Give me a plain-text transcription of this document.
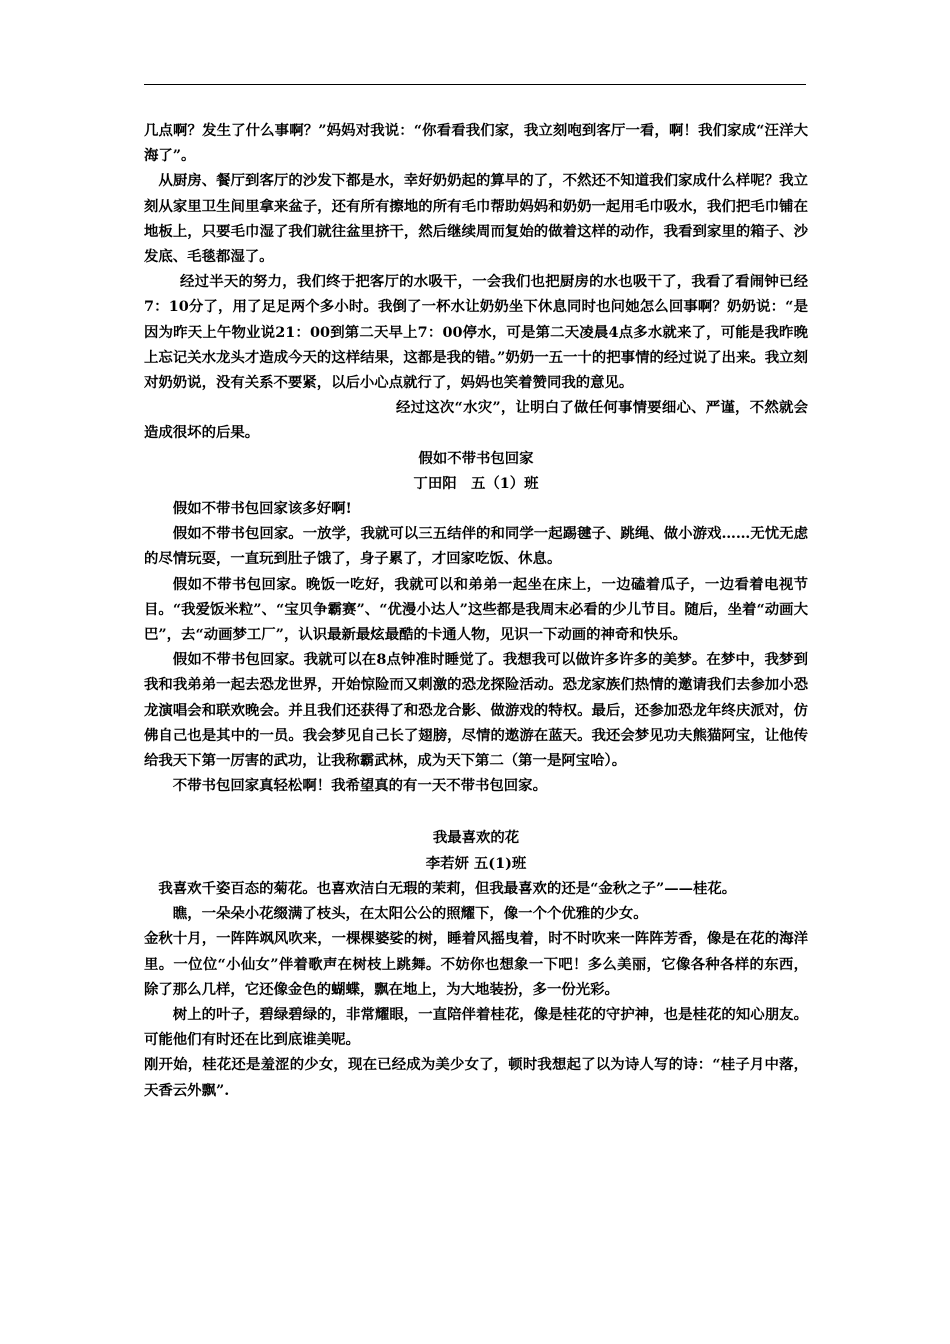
几点啊？发生了什么事啊？”妈妈对我说：“你看看我们家，我立刻咆到客厅一看，啊！我们家成“汪洋大海了”。

从厨房、餐厅到客厅的沙发下都是水，幸好奶奶起的算早的了，不然还不知道我们家成什么样呢？我立刻从家里卫生间里拿来盆子，还有所有擦地的所有毛巾帮助妈妈和奶奶一起用毛巾吸水，我们把毛巾铺在地板上，只要毛巾湿了我们就往盆里挤干，然后继续周而复始的做着这样的动作，我看到家里的箱子、沙发底、毛毯都湿了。

经过半天的努力，我们终于把客厅的水吸干，一会我们也把厨房的水也吸干了，我看了看闹钟已经7：10分了，用了足足两个多小时。我倒了一杯水让奶奶坐下休息同时也问她怎么回事啊？奶奶说：“是因为昨天上午物业说21：00到第二天早上7：00停水，可是第二天凌晨4点多水就来了，可能是我昨晚上忘记关水龙头才造成今天的这样结果，这都是我的错。”奶奶一五一十的把事情的经过说了出来。我立刻对奶奶说，没有关系不要紧，以后小心点就行了，妈妈也笑着赞同我的意见。

经过这次“水灾”，让明白了做任何事情要细心、严谨，不然就会造成很坏的后果。

假如不带书包回家

丁田阳　五（1）班

假如不带书包回家该多好啊!

假如不带书包回家。一放学，我就可以三五结伴的和同学一起踢毽子、跳绳、做小游戏……无忧无虑的尽情玩耍，一直玩到肚子饿了，身子累了，才回家吃饭、休息。

假如不带书包回家。晚饭一吃好，我就可以和弟弟一起坐在床上，一边磕着瓜子，一边看着电视节目。“我爱饭米粒”、“宝贝争霸赛”、“优漫小达人”这些都是我周末必看的少儿节目。随后，坐着“动画大巴”，去“动画梦工厂”，认识最新最炫最酷的卡通人物，见识一下动画的神奇和快乐。

假如不带书包回家。我就可以在8点钟准时睡觉了。我想我可以做许多许多的美梦。在梦中，我梦到我和我弟弟一起去恐龙世界，开始惊险而又刺激的恐龙探险活动。恐龙家族们热情的邀请我们去参加小恐龙演唱会和联欢晚会。并且我们还获得了和恐龙合影、做游戏的特权。最后，还参加恐龙年终庆派对，仿佛自己也是其中的一员。我会梦见自己长了翅膀，尽情的遨游在蓝天。我还会梦见功夫熊猫阿宝，让他传给我天下第一厉害的武功，让我称霸武林，成为天下第二（第一是阿宝哈）。

不带书包回家真轻松啊！我希望真的有一天不带书包回家。

我最喜欢的花

李若妍 五(1)班

我喜欢千姿百态的菊花。也喜欢洁白无瑕的茉莉，但我最喜欢的还是“金秋之子”——桂花。

瞧，一朵朵小花缀满了枝头，在太阳公公的照耀下，像一个个优雅的少女。

金秋十月，一阵阵飒风吹来，一棵棵婆娑的树，睡着风摇曳着，时不时吹来一阵阵芳香，像是在花的海洋里。一位位“小仙女”伴着歌声在树枝上跳舞。不妨你也想象一下吧！多么美丽，它像各种各样的东西，除了那么几样，它还像金色的蝴蝶，飘在地上，为大地装扮，多一份光彩。

树上的叶子，碧绿碧绿的，非常耀眼，一直陪伴着桂花，像是桂花的守护神，也是桂花的知心朋友。可能他们有时还在比到底谁美呢。

刚开始，桂花还是羞涩的少女，现在已经成为美少女了，顿时我想起了以为诗人写的诗：“桂子月中落，天香云外飘”.
